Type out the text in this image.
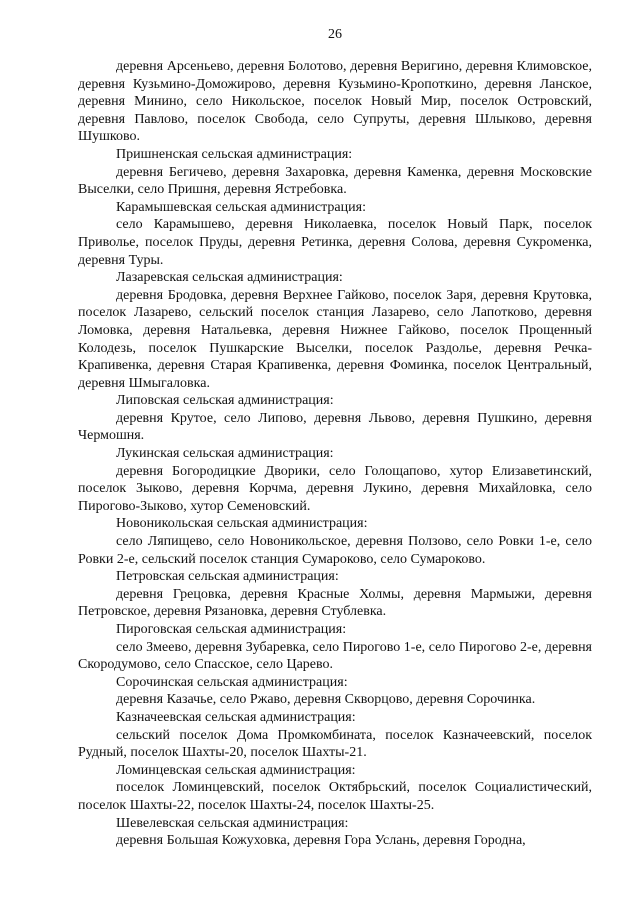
26

деревня Арсеньево, деревня Болотово, деревня Веригино, деревня Климовское, деревня Кузьмино-Доможирово, деревня Кузьмино-Кропоткино, деревня Ланское, деревня Минино, село Никольское, поселок Новый Мир, поселок Островский, деревня Павлово, поселок Свобода, село Супруты, деревня Шлыково, деревня Шушково.

Пришненская сельская администрация:

деревня Бегичево, деревня Захаровка, деревня Каменка, деревня Московские Выселки, село Пришня, деревня Ястребовка.

Карамышевская сельская администрация:

село Карамышево, деревня Николаевка, поселок Новый Парк, поселок Приволье, поселок Пруды, деревня Ретинка, деревня Солова, деревня Сукроменка, деревня Туры.

Лазаревская сельская администрация:

деревня Бродовка, деревня Верхнее Гайково, поселок Заря, деревня Крутовка, поселок Лазарево, сельский поселок станция Лазарево, село Лапотково, деревня Ломовка, деревня Натальевка, деревня Нижнее Гайково, поселок Прощенный Колодезь, поселок Пушкарские Выселки, поселок Раздолье, деревня Речка-Крапивенка, деревня Старая Крапивенка, деревня Фоминка, поселок Центральный, деревня Шмыгаловка.

Липовская сельская администрация:

деревня Крутое, село Липово, деревня Львово, деревня Пушкино, деревня Чермошня.

Лукинская сельская администрация:

деревня Богородицкие Дворики, село Голощапово, хутор Елизаветинский, поселок Зыково, деревня Корчма, деревня Лукино, деревня Михайловка, село Пирогово-Зыково, хутор Семеновский.

Новоникольская сельская администрация:

село Ляпищево, село Новоникольское, деревня Ползово, село Ровки 1-е, село Ровки 2-е, сельский поселок станция Сумароково, село Сумароково.

Петровская сельская администрация:

деревня Грецовка, деревня Красные Холмы, деревня Мармыжи, деревня Петровское, деревня Рязановка, деревня Стублевка.

Пироговская сельская администрация:

село Змеево, деревня Зубаревка, село Пирогово 1-е, село Пирогово 2-е, деревня Скородумово, село Спасское, село Царево.

Сорочинская сельская администрация:

деревня Казачье, село Ржаво, деревня Скворцово, деревня Сорочинка.

Казначеевская сельская администрация:

сельский поселок Дома Промкомбината, поселок Казначеевский, поселок Рудный, поселок Шахты-20, поселок Шахты-21.

Ломинцевская сельская администрация:

поселок Ломинцевский, поселок Октябрьский, поселок Социалистический, поселок Шахты-22, поселок Шахты-24, поселок Шахты-25.

Шевелевская сельская администрация:

деревня Большая Кожуховка, деревня Гора Услань, деревня Городна,
